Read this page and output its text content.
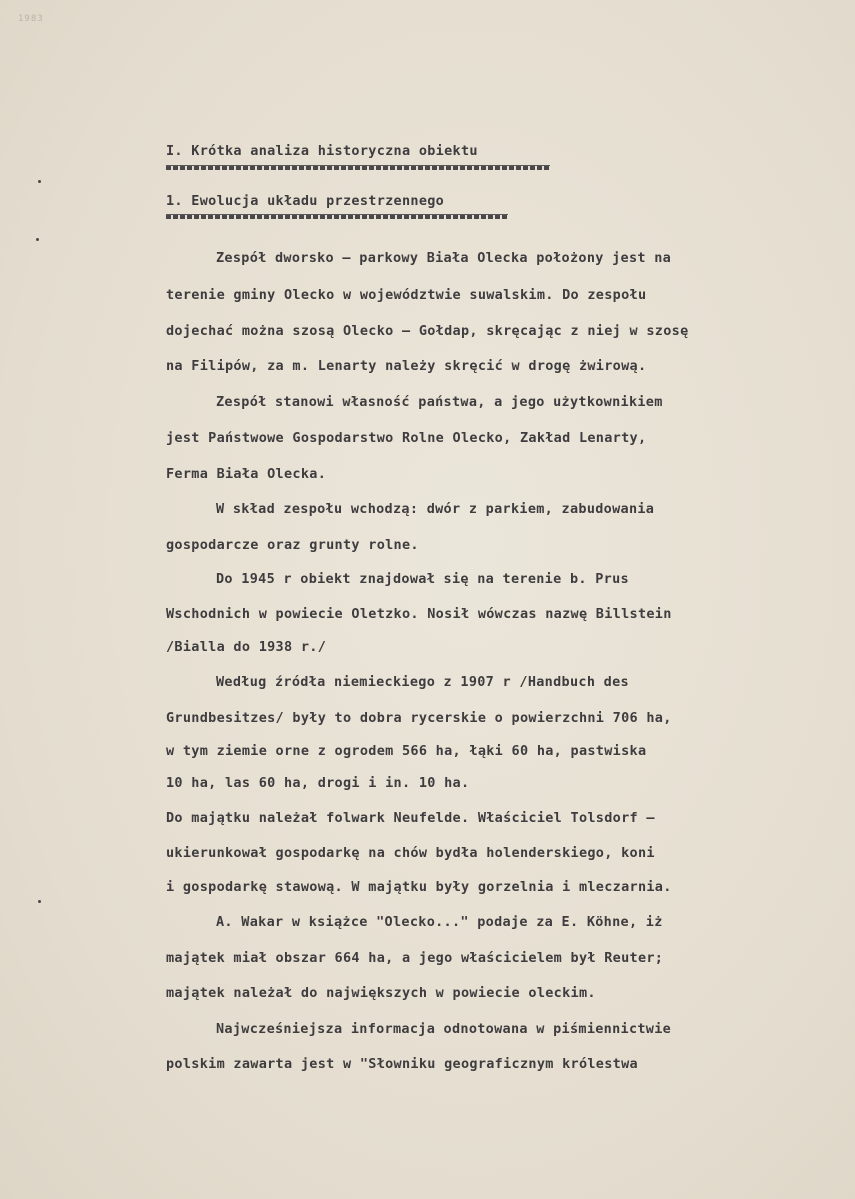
1983
I. Krótka analiza historyczna obiektu
1. Ewolucja układu przestrzennego
Zespół dworsko – parkowy Biała Olecka położony jest na
terenie gminy Olecko w województwie suwalskim. Do zespołu
dojechać można szosą Olecko – Gołdap, skręcając z niej w szosę
na Filipów, za m. Lenarty należy skręcić w drogę żwirową.
Zespół stanowi własność państwa, a jego użytkownikiem
jest Państwowe Gospodarstwo Rolne Olecko, Zakład Lenarty,
Ferma Biała Olecka.
W skład zespołu wchodzą: dwór z parkiem, zabudowania
gospodarcze oraz grunty rolne.
Do 1945 r obiekt znajdował się na terenie b. Prus
Wschodnich w powiecie Oletzko. Nosił wówczas nazwę Billstein
/Bialla do 1938 r./
Według źródła niemieckiego z 1907 r /Handbuch des
Grundbesitzes/ były to dobra rycerskie o powierzchni 706 ha,
w tym ziemie orne z ogrodem 566 ha, łąki 60 ha, pastwiska
10 ha, las 60 ha, drogi i in. 10 ha.
Do majątku należał folwark Neufelde. Właściciel Tolsdorf –
ukierunkował gospodarkę na chów bydła holenderskiego, koni
i gospodarkę stawową. W majątku były gorzelnia i mleczarnia.
A. Wakar w książce "Olecko..." podaje za E. Köhne, iż
majątek miał obszar 664 ha, a jego właścicielem był Reuter;
majątek należał do największych w powiecie oleckim.
Najwcześniejsza informacja odnotowana w piśmiennictwie
polskim zawarta jest w "Słowniku geograficznym królestwa
